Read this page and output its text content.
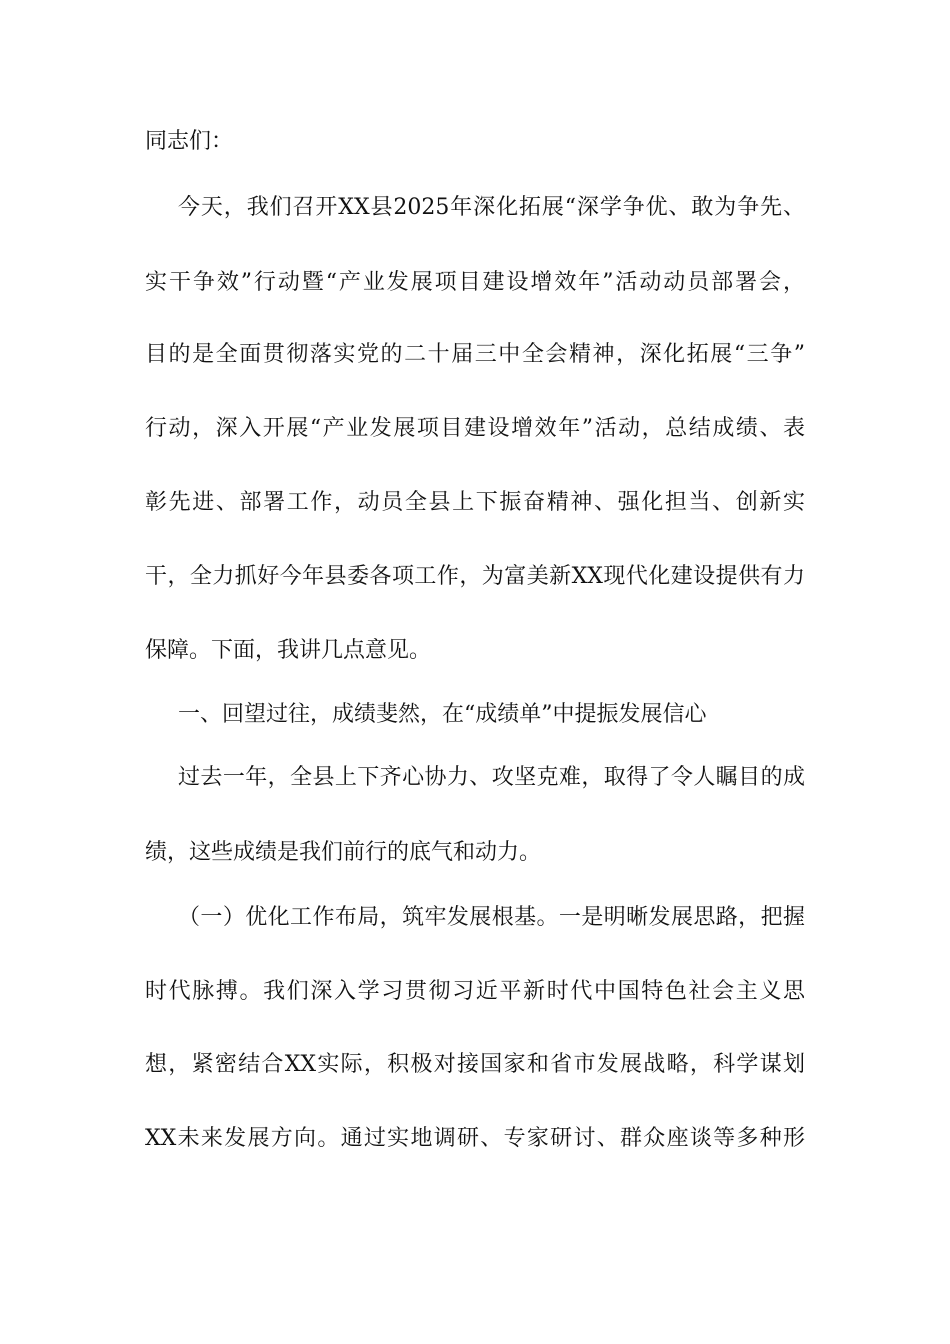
同志们：
今天，我们召开XX县2025年深化拓展“深学争优、敢为争先、
实干争效”行动暨“产业发展项目建设增效年”活动动员部署会，
目的是全面贯彻落实党的二十届三中全会精神，深化拓展“三争”
行动，深入开展“产业发展项目建设增效年”活动，总结成绩、表
彰先进、部署工作，动员全县上下振奋精神、强化担当、创新实
干，全力抓好今年县委各项工作，为富美新XX现代化建设提供有力
保障。下面，我讲几点意见。
一、回望过往，成绩斐然，在“成绩单”中提振发展信心
过去一年，全县上下齐心协力、攻坚克难，取得了令人瞩目的成
绩，这些成绩是我们前行的底气和动力。
（一）优化工作布局，筑牢发展根基。一是明晰发展思路，把握
时代脉搏。我们深入学习贯彻习近平新时代中国特色社会主义思
想，紧密结合XX实际，积极对接国家和省市发展战略，科学谋划
XX未来发展方向。通过实地调研、专家研讨、群众座谈等多种形
